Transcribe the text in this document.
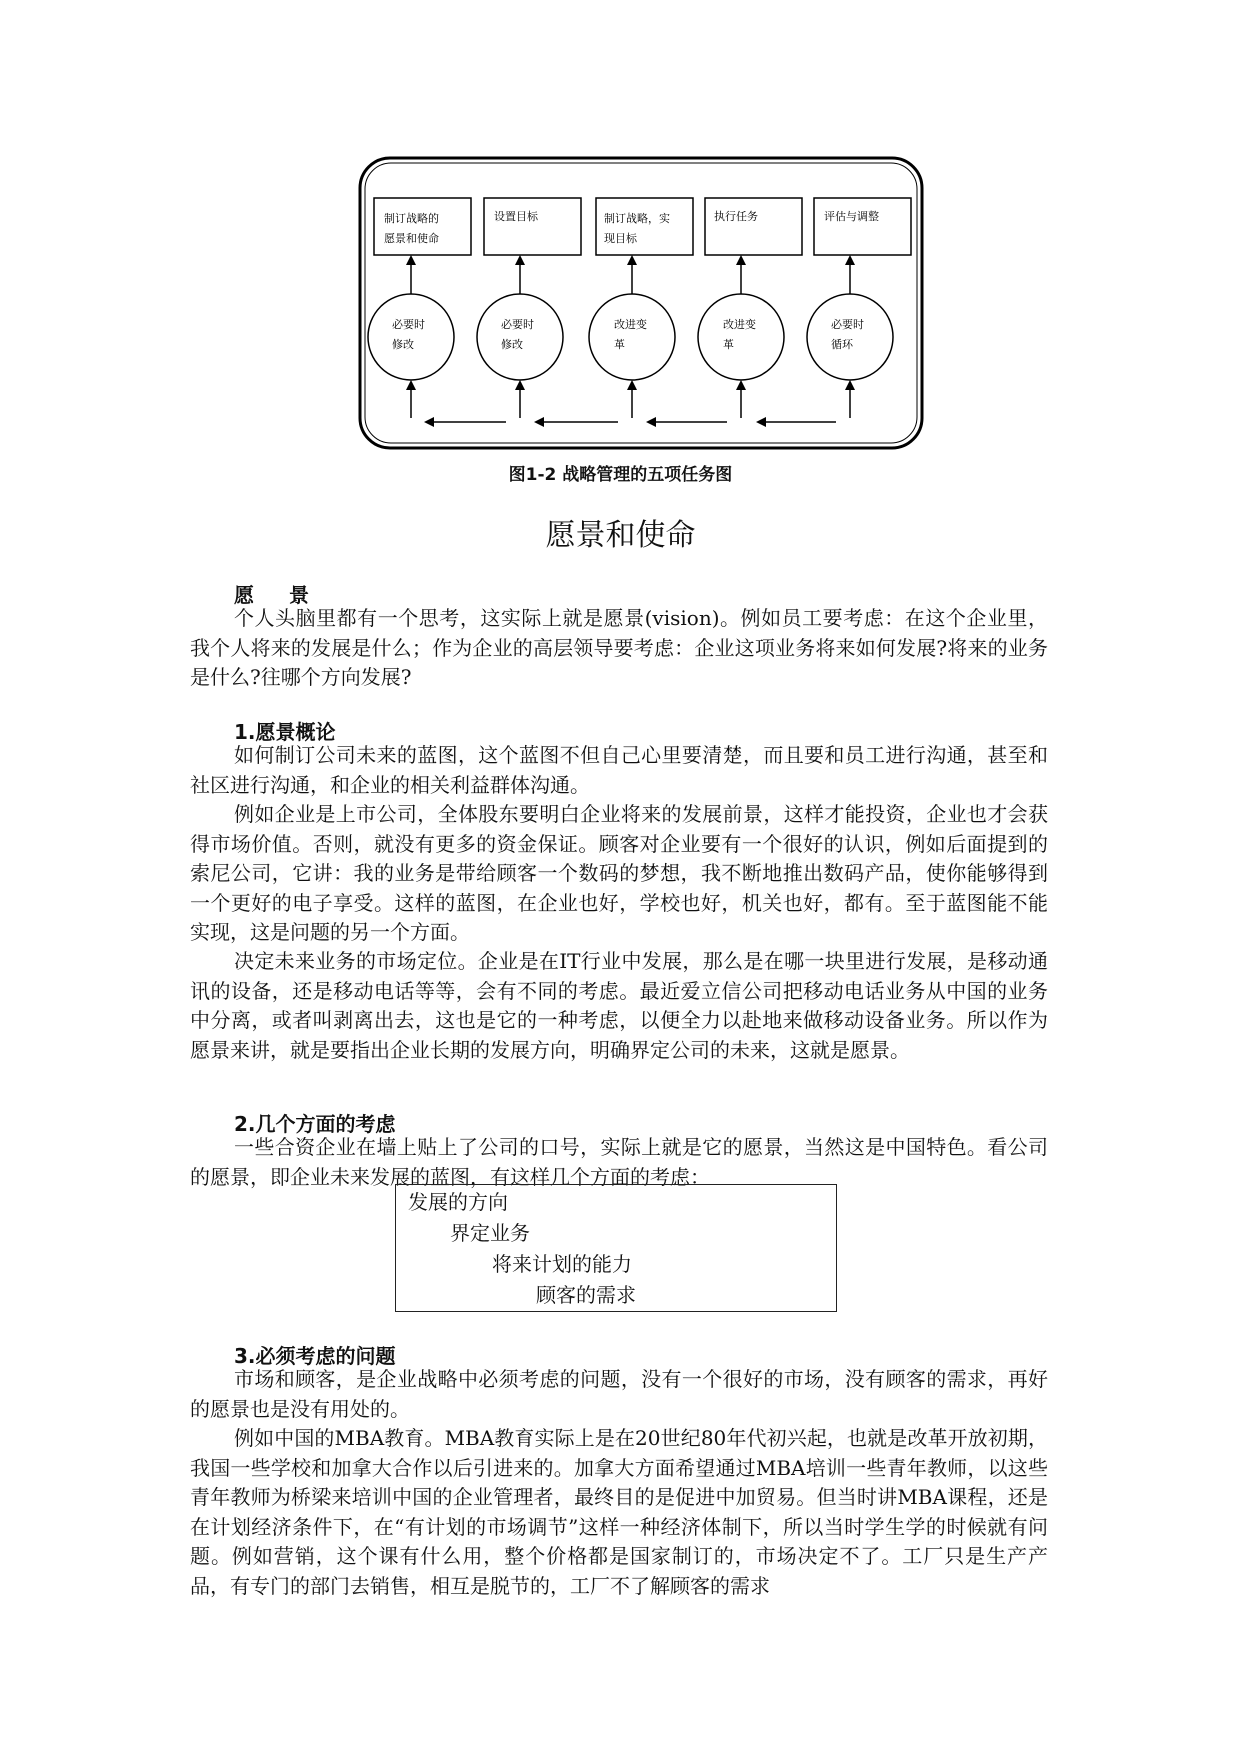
制订战略的
愿景和使命
设置目标	制订战略，实
现目标
执行任务	评估与调整
必要时
修改
必要时
修改
改进变
革
改进变
革
必要时
循环
图1-2 战略管理的五项任务图
愿景和使命
愿 景

个人头脑里都有一个思考，这实际上就是愿景(vision)。例如员工要考虑：在这个企业里，我个人将来的发展是什么；作为企业的高层领导要考虑：企业这项业务将来如何发展?将来的业务是什么?往哪个方向发展?

1.愿景概论

如何制订公司未来的蓝图，这个蓝图不但自己心里要清楚，而且要和员工进行沟通，甚至和社区进行沟通，和企业的相关利益群体沟通。

例如企业是上市公司，全体股东要明白企业将来的发展前景，这样才能投资，企业也才会获得市场价值。否则，就没有更多的资金保证。顾客对企业要有一个很好的认识，例如后面提到的索尼公司，它讲：我的业务是带给顾客一个数码的梦想，我不断地推出数码产品，使你能够得到一个更好的电子享受。这样的蓝图，在企业也好，学校也好，机关也好，都有。至于蓝图能不能实现，这是问题的另一个方面。

决定未来业务的市场定位。企业是在IT行业中发展，那么是在哪一块里进行发展，是移动通讯的设备，还是移动电话等等，会有不同的考虑。最近爱立信公司把移动电话业务从中国的业务中分离，或者叫剥离出去，这也是它的一种考虑，以便全力以赴地来做移动设备业务。所以作为愿景来讲，就是要指出企业长期的发展方向，明确界定公司的未来，这就是愿景。

2.几个方面的考虑

一些合资企业在墙上贴上了公司的口号，实际上就是它的愿景，当然这是中国特色。看公司的愿景，即企业未来发展的蓝图，有这样几个方面的考虑：

发展的方向
界定业务
将来计划的能力
顾客的需求
3.必须考虑的问题

市场和顾客，是企业战略中必须考虑的问题，没有一个很好的市场，没有顾客的需求，再好的愿景也是没有用处的。

例如中国的MBA教育。MBA教育实际上是在20世纪80年代初兴起，也就是改革开放初期，我国一些学校和加拿大合作以后引进来的。加拿大方面希望通过MBA培训一些青年教师，以这些青年教师为桥梁来培训中国的企业管理者，最终目的是促进中加贸易。但当时讲MBA课程，还是在计划经济条件下，在“有计划的市场调节”这样一种经济体制下，所以当时学生学的时候就有问题。例如营销，这个课有什么用，整个价格都是国家制订的，市场决定不了。工厂只是生产产品，有专门的部门去销售，相互是脱节的，工厂不了解顾客的需求
